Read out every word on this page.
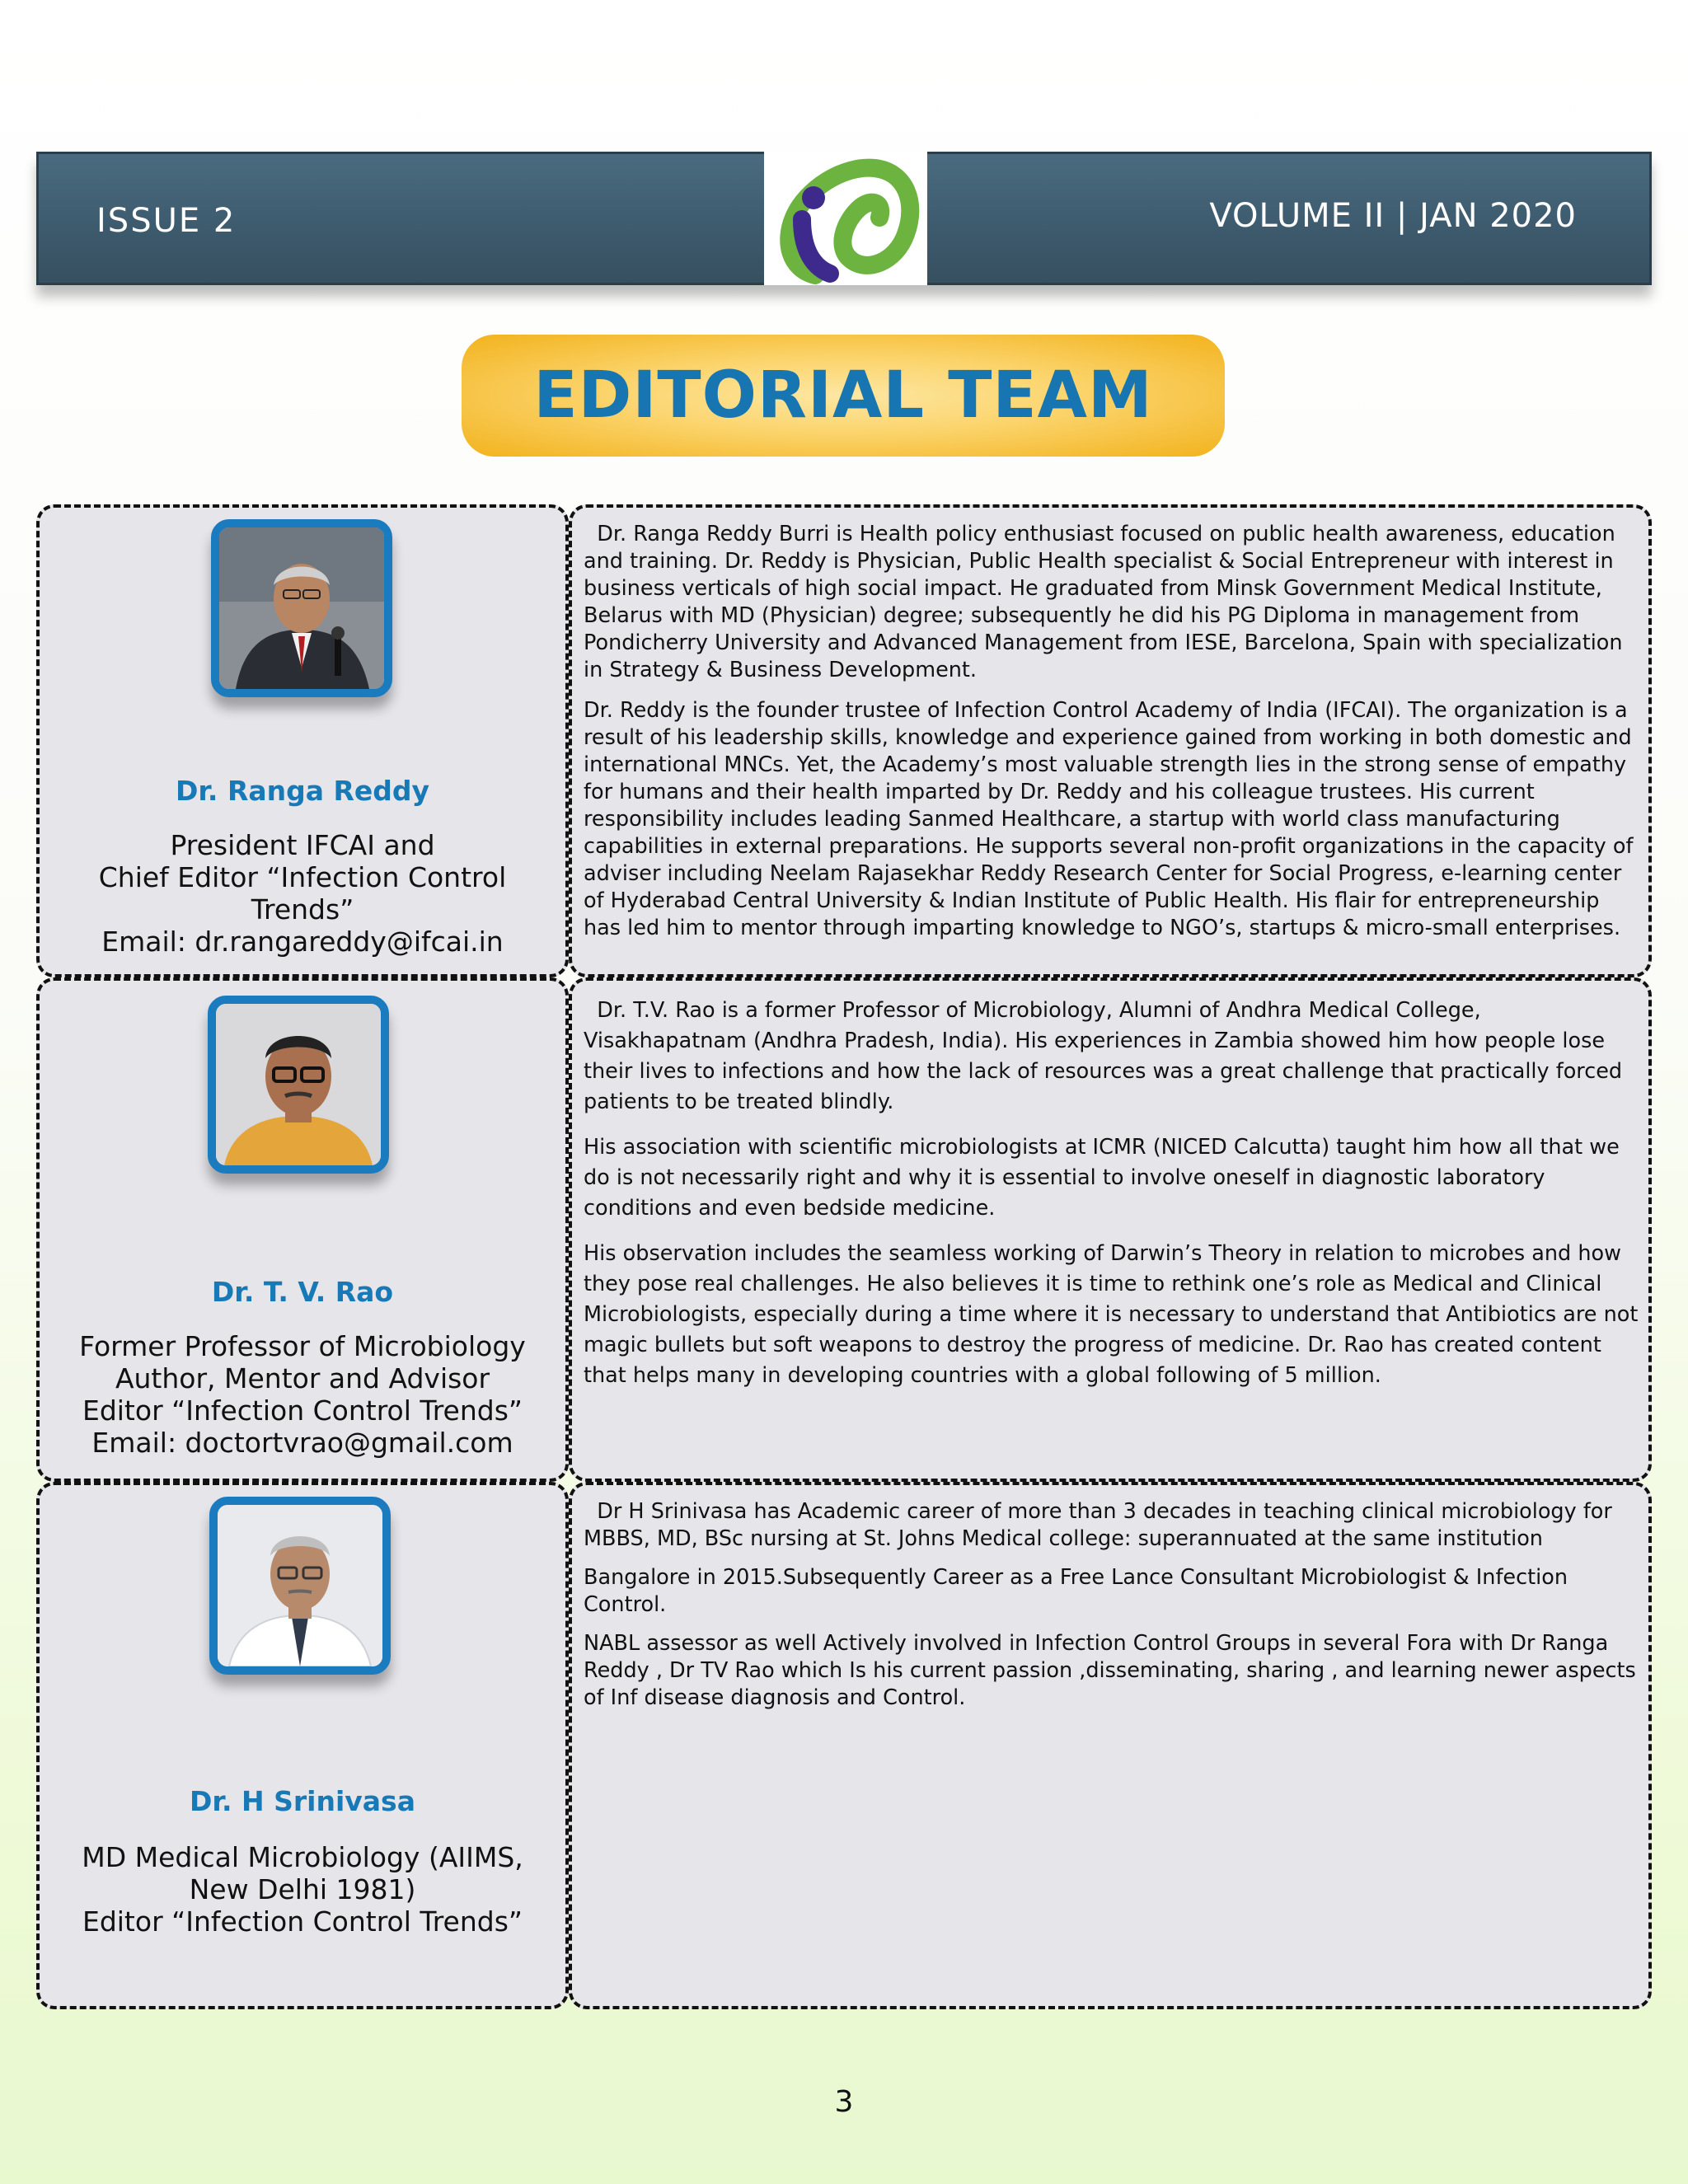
ISSUE 2	VOLUME II | JAN 2020
EDITORIAL TEAM
Dr. Ranga Reddy
President IFCAI and
Chief Editor “Infection Control
Trends”
Email: dr.rangareddy@ifcai.in

Dr. Ranga Reddy Burri is Health policy enthusiast focused on public health awareness, education and training. Dr. Reddy is Physician, Public Health specialist & Social Entrepreneur with interest in business verticals of high social impact. He graduated from Minsk Government Medical Institute, Belarus with MD (Physician) degree; subsequently he did his PG Diploma in management from Pondicherry University and Advanced Management from IESE, Barcelona, Spain with specialization in Strategy & Business Development.

Dr. Reddy is the founder trustee of Infection Control Academy of India (IFCAI). The organization is a result of his leadership skills, knowledge and experience gained from working in both domestic and international MNCs. Yet, the Academy’s most valuable strength lies in the strong sense of empathy for humans and their health imparted by Dr. Reddy and his colleague trustees. His current responsibility includes leading Sanmed Healthcare, a startup with world class manufacturing capabilities in external preparations. He supports several non-profit organizations in the capacity of adviser including Neelam Rajasekhar Reddy Research Center for Social Progress, e-learning center of Hyderabad Central University & Indian Institute of Public Health. His flair for entrepreneurship has led him to mentor through imparting knowledge to NGO’s, startups & micro-small enterprises.

Dr. T. V. Rao
Former Professor of Microbiology
Author, Mentor and Advisor
Editor “Infection Control Trends”
Email: doctortvrao@gmail.com

Dr. T.V. Rao is a former Professor of Microbiology, Alumni of Andhra Medical College, Visakhapatnam (Andhra Pradesh, India). His experiences in Zambia showed him how people lose their lives to infections and how the lack of resources was a great challenge that practically forced patients to be treated blindly.

His association with scientific microbiologists at ICMR (NICED Calcutta) taught him how all that we do is not necessarily right and why it is essential to involve oneself in diagnostic laboratory conditions and even bedside medicine.

His observation includes the seamless working of Darwin’s Theory in relation to microbes and how they pose real challenges. He also believes it is time to rethink one’s role as Medical and Clinical Microbiologists, especially during a time where it is necessary to understand that Antibiotics are not magic bullets but soft weapons to destroy the progress of medicine. Dr. Rao has created content that helps many in developing countries with a global following of 5 million.

Dr. H Srinivasa
MD Medical Microbiology (AIIMS,
New Delhi 1981)
Editor “Infection Control Trends”

Dr H Srinivasa has Academic career of more than 3 decades in teaching clinical microbiology for MBBS, MD, BSc nursing at St. Johns Medical college: superannuated at the same institution

Bangalore in 2015.Subsequently Career as a Free Lance Consultant Microbiologist & Infection Control.

NABL assessor as well Actively involved in Infection Control Groups in several Fora with Dr Ranga Reddy , Dr TV Rao which Is his current passion ,disseminating, sharing , and learning newer aspects of Inf disease diagnosis and Control.

3
